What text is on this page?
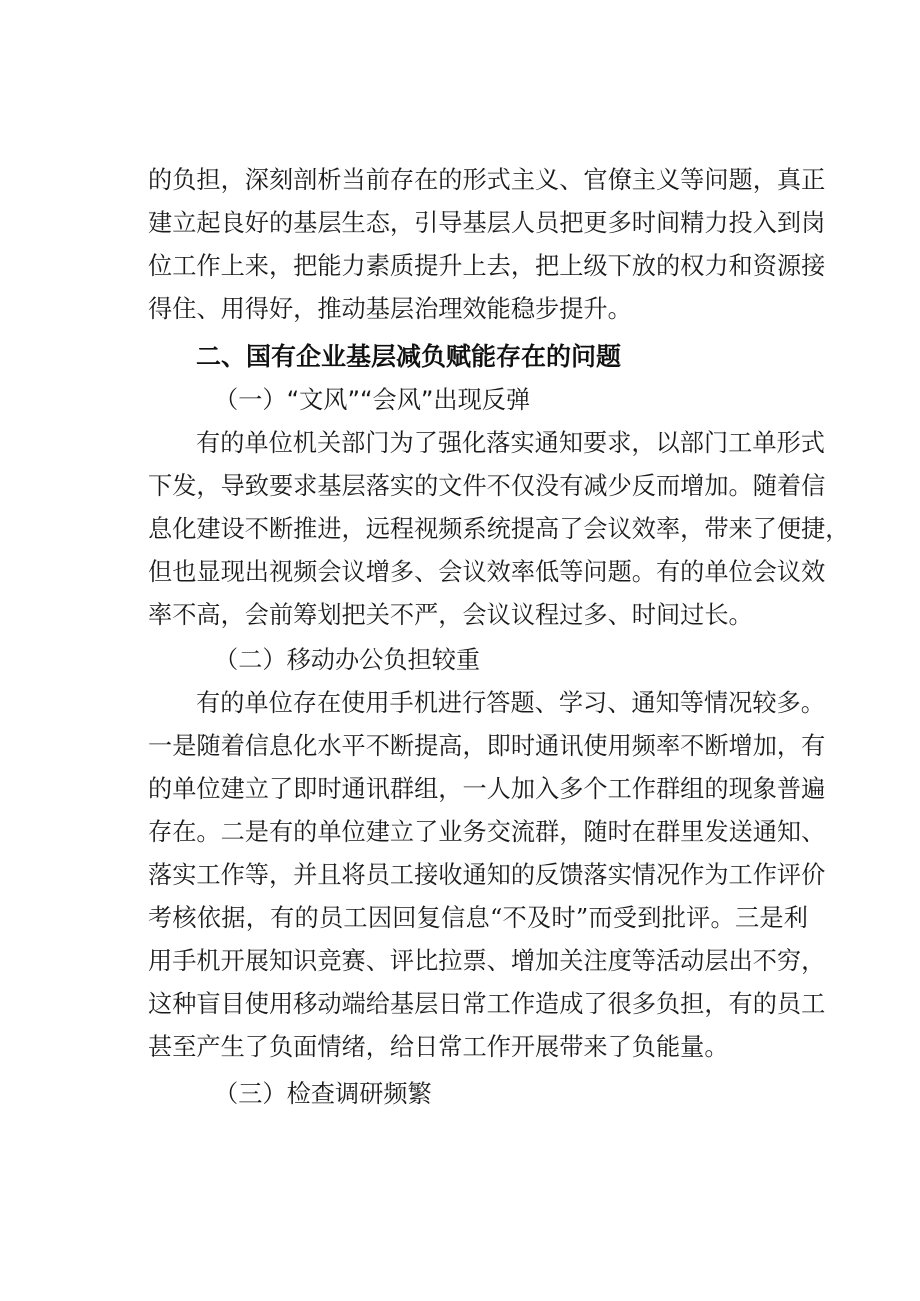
的负担，深刻剖析当前存在的形式主义、官僚主义等问题，真正
建立起良好的基层生态，引导基层人员把更多时间精力投入到岗
位工作上来，把能力素质提升上去，把上级下放的权力和资源接
得住、用得好，推动基层治理效能稳步提升。
二、国有企业基层减负赋能存在的问题
（一）“文风”“会风”出现反弹
有的单位机关部门为了强化落实通知要求，以部门工单形式
下发，导致要求基层落实的文件不仅没有减少反而增加。随着信
息化建设不断推进，远程视频系统提高了会议效率，带来了便捷，
但也显现出视频会议增多、会议效率低等问题。有的单位会议效
率不高，会前筹划把关不严，会议议程过多、时间过长。
（二）移动办公负担较重
有的单位存在使用手机进行答题、学习、通知等情况较多。
一是随着信息化水平不断提高，即时通讯使用频率不断增加，有
的单位建立了即时通讯群组，一人加入多个工作群组的现象普遍
存在。二是有的单位建立了业务交流群，随时在群里发送通知、
落实工作等，并且将员工接收通知的反馈落实情况作为工作评价
考核依据，有的员工因回复信息“不及时”而受到批评。三是利
用手机开展知识竞赛、评比拉票、增加关注度等活动层出不穷，
这种盲目使用移动端给基层日常工作造成了很多负担，有的员工
甚至产生了负面情绪，给日常工作开展带来了负能量。
（三）检查调研频繁
